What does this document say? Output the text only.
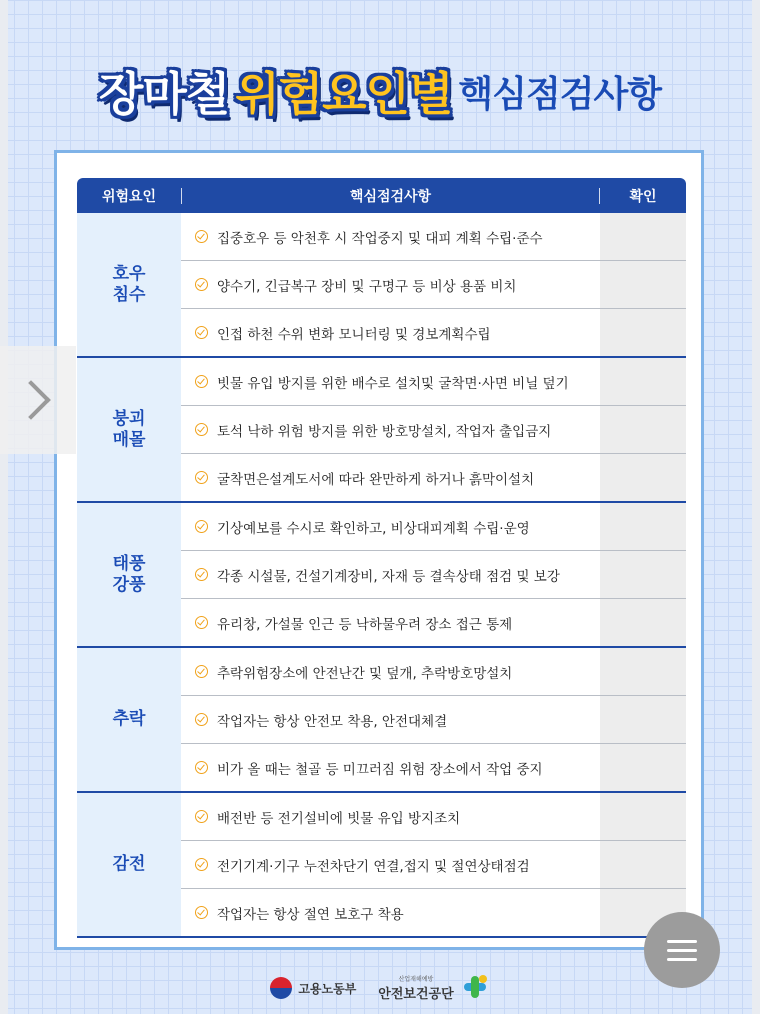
장마철 위험요인별 핵심점검사항
위험요인	핵심점검사항	확인
호우
침수
집중호우 등 악천후 시 작업중지 및 대피 계획 수립·준수
양수기, 긴급복구 장비 및 구명구 등 비상 용품 비치
인접 하천 수위 변화 모니터링 및 경보계획수립
붕괴
매몰
빗물 유입 방지를 위한 배수로 설치및 굴착면·사면 비닐 덮기
토석 낙하 위험 방지를 위한 방호망설치, 작업자 출입금지
굴착면은설계도서에 따라 완만하게 하거나 흙막이설치
태풍
강풍
기상예보를 수시로 확인하고, 비상대피계획 수립·운영
각종 시설물, 건설기계장비, 자재 등 결속상태 점검 및 보강
유리창, 가설물 인근 등 낙하물우려 장소 접근 통제
추락
추락위험장소에 안전난간 및 덮개, 추락방호망설치
작업자는 항상 안전모 착용, 안전대체결
비가 올 때는 철골 등 미끄러짐 위험 장소에서 작업 중지
감전
배전반 등 전기설비에 빗물 유입 방지조치
전기기계·기구 누전차단기 연결,접지 및 절연상태점검
작업자는 항상 절연 보호구 착용
고용노동부
산업재해예방
안전보건공단
